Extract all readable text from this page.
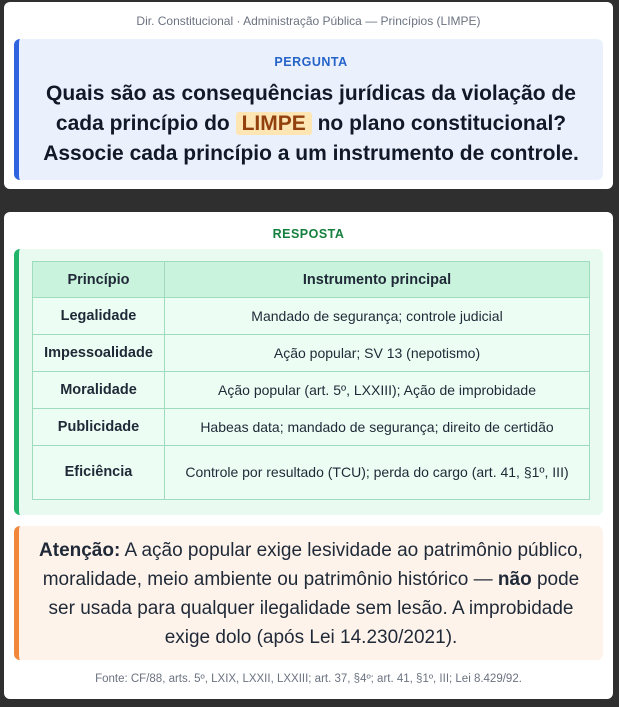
Dir. Constitucional · Administração Pública — Princípios (LIMPE)
PERGUNTA
Quais são as consequências jurídicas da violação de
cada princípio do LIMPE no plano constitucional?
Associe cada princípio a um instrumento de controle.
RESPOSTA
Princípio	Instrumento principal
Legalidade	Mandado de segurança; controle judicial
Impessoalidade	Ação popular; SV 13 (nepotismo)
Moralidade	Ação popular (art. 5º, LXXIII); Ação de improbidade
Publicidade	Habeas data; mandado de segurança; direito de certidão
Eficiência	Controle por resultado (TCU); perda do cargo (art. 41, §1º, III)
Atenção: A ação popular exige lesividade ao patrimônio público, moralidade, meio ambiente ou patrimônio histórico — não pode ser usada para qualquer ilegalidade sem lesão. A improbidade exige dolo (após Lei 14.230/2021).
Fonte: CF/88, arts. 5º, LXIX, LXXII, LXXIII; art. 37, §4º; art. 41, §1º, III; Lei 8.429/92.
